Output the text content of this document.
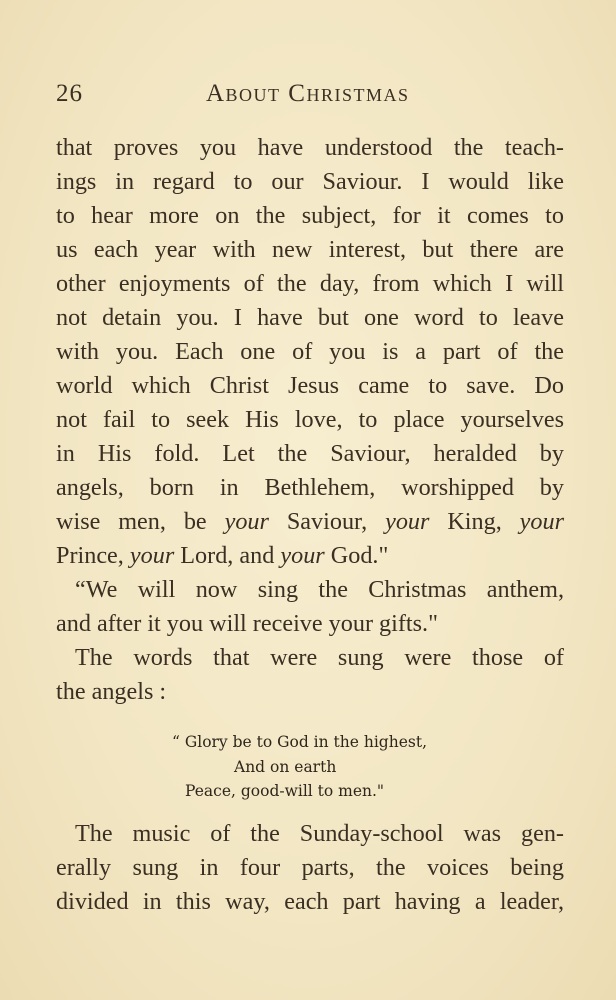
26	About Christmas
that proves you have understood the teach-
ings in regard to our Saviour. I would like
to hear more on the subject, for it comes to
us each year with new interest, but there are
other enjoyments of the day, from which I will
not detain you. I have but one word to leave
with you. Each one of you is a part of the
world which Christ Jesus came to save. Do
not fail to seek His love, to place yourselves
in His fold. Let the Saviour, heralded by
angels, born in Bethlehem, worshipped by
wise men, be your Saviour, your King, your
Prince, your Lord, and your God."
“We will now sing the Christmas anthem,
and after it you will receive your gifts."
The words that were sung were those of
the angels :
“ Glory be to God in the highest,
And on earth
Peace, good-will to men."
The music of the Sunday-school was gen-
erally sung in four parts, the voices being
divided in this way, each part having a leader,
